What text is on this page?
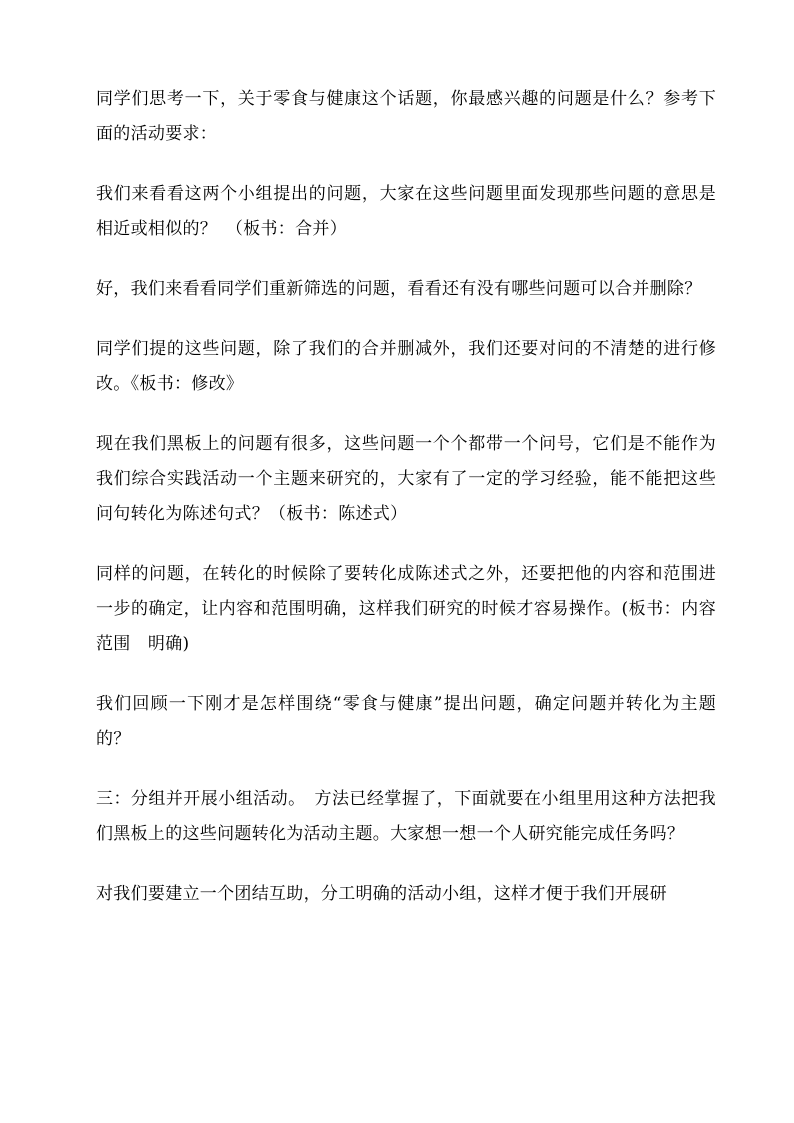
同学们思考一下，关于零食与健康这个话题，你最感兴趣的问题是什么？参考下面的活动要求：

我们来看看这两个小组提出的问题，大家在这些问题里面发现那些问题的意思是相近或相似的？　（板书：合并）

好，我们来看看同学们重新筛选的问题，看看还有没有哪些问题可以合并删除？

同学们提的这些问题，除了我们的合并删减外，我们还要对问的不清楚的进行修改。《板书：修改》

现在我们黑板上的问题有很多，这些问题一个个都带一个问号，它们是不能作为我们综合实践活动一个主题来研究的，大家有了一定的学习经验，能不能把这些问句转化为陈述句式？（板书：陈述式）

同样的问题，在转化的时候除了要转化成陈述式之外，还要把他的内容和范围进一步的确定，让内容和范围明确，这样我们研究的时候才容易操作。(板书：内容　范围　明确)

我们回顾一下刚才是怎样围绕“零食与健康”提出问题，确定问题并转化为主题的？

三：分组并开展小组活动。　方法已经掌握了，下面就要在小组里用这种方法把我们黑板上的这些问题转化为活动主题。大家想一想一个人研究能完成任务吗？

对我们要建立一个团结互助，分工明确的活动小组，这样才便于我们开展研
